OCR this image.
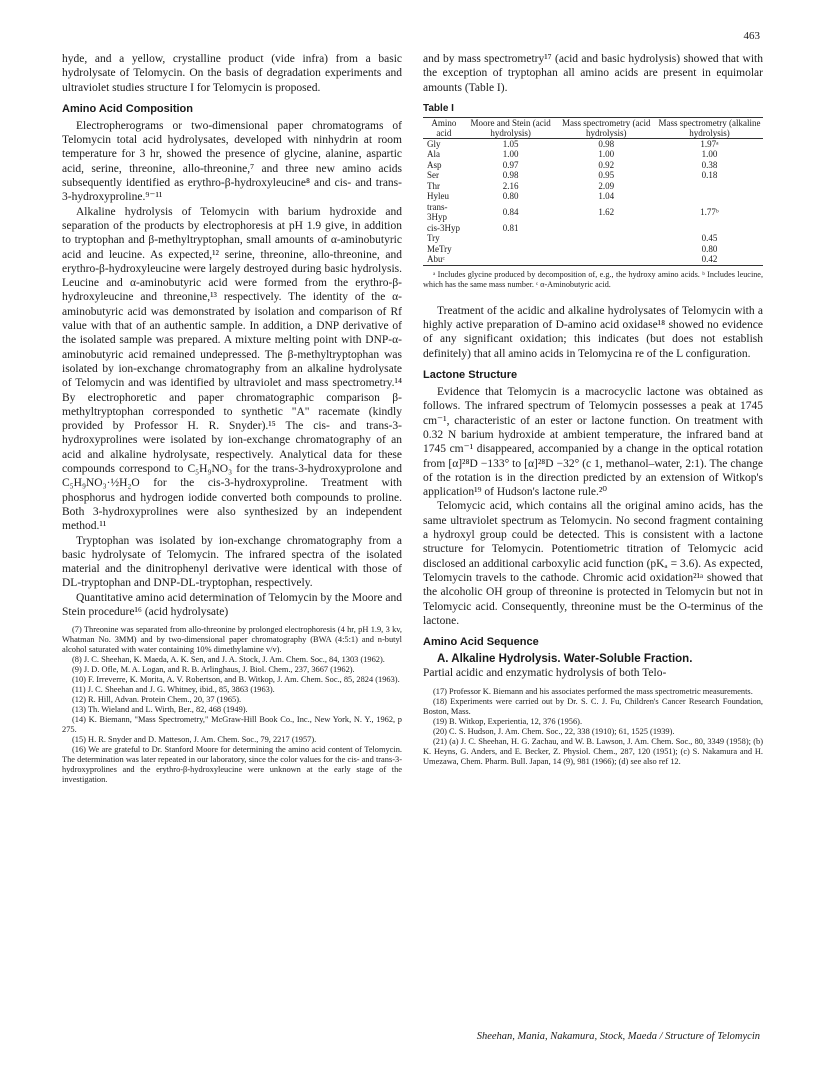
463

hyde, and a yellow, crystalline product (vide infra) from a basic hydrolysate of Telomycin. On the basis of degradation experiments and ultraviolet studies structure I for Telomycin is proposed.

Amino Acid Composition

Electropherograms or two-dimensional paper chromatograms of Telomycin total acid hydrolysates, developed with ninhydrin at room temperature for 3 hr, showed the presence of glycine, alanine, aspartic acid, serine, threonine, allo-threonine,⁷ and three new amino acids subsequently identified as erythro-β-hydroxyleucine⁸ and cis- and trans-3-hydroxyproline.⁹⁻¹¹

Alkaline hydrolysis of Telomycin with barium hydroxide and separation of the products by electrophoresis at pH 1.9 give, in addition to tryptophan and β-methyltryptophan, small amounts of α-aminobutyric acid and leucine. As expected,¹² serine, threonine, allo-threonine, and erythro-β-hydroxyleucine were largely destroyed during basic hydrolysis. Leucine and α-aminobutyric acid were formed from the erythro-β-hydroxyleucine and threonine,¹³ respectively. The identity of the α-aminobutyric acid was demonstrated by isolation and comparison of Rf value with that of an authentic sample. In addition, a DNP derivative of the isolated sample was prepared. A mixture melting point with DNP-α-aminobutyric acid remained undepressed. The β-methyltryptophan was isolated by ion-exchange chromatography from an alkaline hydrolysate of Telomycin and was identified by ultraviolet and mass spectrometry.¹⁴ By electrophoretic and paper chromatographic comparison β-methyltryptophan corresponded to synthetic "A" racemate (kindly provided by Professor H. R. Snyder).¹⁵ The cis- and trans-3-hydroxyprolines were isolated by ion-exchange chromatography of an acid and alkaline hydrolysate, respectively. Analytical data for these compounds correspond to C₅H₉NO₃ for the trans-3-hydroxyprolone and C₅H₉NO₃·½H₂O for the cis-3-hydroxyproline. Treatment with phosphorus and hydrogen iodide converted both compounds to proline. Both 3-hydroxyprolines were also synthesized by an independent method.¹¹

Tryptophan was isolated by ion-exchange chromatography from a basic hydrolysate of Telomycin. The infrared spectra of the isolated material and the dinitrophenyl derivative were identical with those of DL-tryptophan and DNP-DL-tryptophan, respectively.

Quantitative amino acid determination of Telomycin by the Moore and Stein procedure¹⁶ (acid hydrolysate)

(7) Threonine was separated from allo-threonine by prolonged electrophoresis (4 hr, pH 1.9, 3 kv, Whatman No. 3MM) and by two-dimensional paper chromatography (BWA (4:5:1) and n-butyl alcohol saturated with water containing 10% dimethylamine v/v).

(8) J. C. Sheehan, K. Maeda, A. K. Sen, and J. A. Stock, J. Am. Chem. Soc., 84, 1303 (1962).

(9) J. D. Ofle, M. A. Logan, and R. B. Arlinghaus, J. Biol. Chem., 237, 3667 (1962).

(10) F. Irreverre, K. Morita, A. V. Robertson, and B. Witkop, J. Am. Chem. Soc., 85, 2824 (1963).

(11) J. C. Sheehan and J. G. Whitney, ibid., 85, 3863 (1963).

(12) R. Hill, Advan. Protein Chem., 20, 37 (1965).

(13) Th. Wieland and L. Wirth, Ber., 82, 468 (1949).

(14) K. Biemann, "Mass Spectrometry," McGraw-Hill Book Co., Inc., New York, N. Y., 1962, p 275.

(15) H. R. Snyder and D. Matteson, J. Am. Chem. Soc., 79, 2217 (1957).

(16) We are grateful to Dr. Stanford Moore for determining the amino acid content of Telomycin. The determination was later repeated in our laboratory, since the color values for the cis- and trans-3-hydroxyprolines and the erythro-β-hydroxyleucine were unknown at the early stage of the investigation.

and by mass spectrometry¹⁷ (acid and basic hydrolysis) showed that with the exception of tryptophan all amino acids are present in equimolar amounts (Table I).

Table I
Amino acid	Moore and Stein (acid hydrolysis)	Mass spectrometry (acid hydrolysis)	Mass spectrometry (alkaline hydrolysis)
Gly	1.05	0.98	1.97ᵃ
Ala	1.00	1.00	1.00
Asp	0.97	0.92	0.38
Ser	0.98	0.95	0.18
Thr	2.16	2.09	
Hyleu	0.80	1.04	
trans-3Hyp	0.84	1.62	1.77ᵇ
cis-3Hyp	0.81		
Try			0.45
MeTry			0.80
Abuᶜ			0.42

ᵃ Includes glycine produced by decomposition of, e.g., the hydroxy amino acids. ᵇ Includes leucine, which has the same mass number. ᶜ α-Aminobutyric acid.

Treatment of the acidic and alkaline hydrolysates of Telomycin with a highly active preparation of D-amino acid oxidase¹⁸ showed no evidence of any significant oxidation; this indicates (but does not establish definitely) that all amino acids in Telomycina re of the L configuration.

Lactone Structure

Evidence that Telomycin is a macrocyclic lactone was obtained as follows. The infrared spectrum of Telomycin possesses a peak at 1745 cm⁻¹, characteristic of an ester or lactone function. On treatment with 0.32 N barium hydroxide at ambient temperature, the infrared band at 1745 cm⁻¹ disappeared, accompanied by a change in the optical rotation from [α]²⁸D −133° to [α]²⁸D −32° (c 1, methanol–water, 2:1). The change of the rotation is in the direction predicted by an extension of Witkop's application¹⁹ of Hudson's lactone rule.²⁰

Telomycic acid, which contains all the original amino acids, has the same ultraviolet spectrum as Telomycin. No second fragment containing a hydroxyl group could be detected. This is consistent with a lactone structure for Telomycin. Potentiometric titration of Telomycic acid disclosed an additional carboxylic acid function (pKₐ = 3.6). As expected, Telomycin travels to the cathode. Chromic acid oxidation²¹ᵃ showed that the alcoholic OH group of threonine is protected in Telomycin but not in Telomycic acid. Consequently, threonine must be the O-terminus of the lactone.

Amino Acid Sequence

A. Alkaline Hydrolysis. Water-Soluble Fraction.

Partial acidic and enzymatic hydrolysis of both Telo-

(17) Professor K. Biemann and his associates performed the mass spectrometric measurements.

(18) Experiments were carried out by Dr. S. C. J. Fu, Children's Cancer Research Foundation, Boston, Mass.

(19) B. Witkop, Experientia, 12, 376 (1956).

(20) C. S. Hudson, J. Am. Chem. Soc., 22, 338 (1910); 61, 1525 (1939).

(21) (a) J. C. Sheehan, H. G. Zachau, and W. B. Lawson, J. Am. Chem. Soc., 80, 3349 (1958); (b) K. Heyns, G. Anders, and E. Becker, Z. Physiol. Chem., 287, 120 (1951); (c) S. Nakamura and H. Umezawa, Chem. Pharm. Bull. Japan, 14 (9), 981 (1966); (d) see also ref 12.

Sheehan, Mania, Nakamura, Stock, Maeda / Structure of Telomycin
